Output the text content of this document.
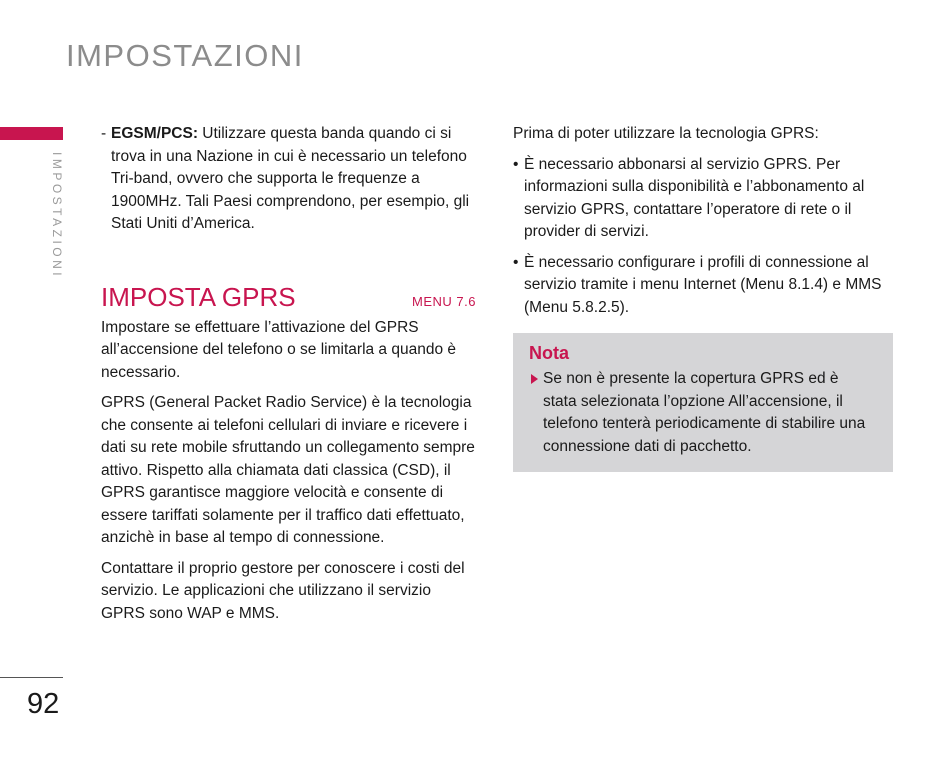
IMPOSTAZIONI
IMPOSTAZIONI

- EGSM/PCS: Utilizzare questa banda quando ci si trova in una Nazione in cui è necessario un telefono Tri-band, ovvero che supporta le frequenze a 1900MHz. Tali Paesi comprendono, per esempio, gli Stati Uniti d’America.

IMPOSTA GPRS	MENU 7.6

Impostare se effettuare l’attivazione del GPRS all’accensione del telefono o se limitarla a quando è necessario.

GPRS (General Packet Radio Service) è la tecnologia che consente ai telefoni cellulari di inviare e ricevere i dati su rete mobile sfruttando un collegamento sempre attivo. Rispetto alla chiamata dati classica (CSD), il GPRS garantisce maggiore velocità e consente di essere tariffati solamente per il traffico dati effettuato, anzichè in base al tempo di connessione.

Contattare il proprio gestore per conoscere i costi del servizio. Le applicazioni che utilizzano il servizio GPRS sono WAP e MMS.

Prima di poter utilizzare la tecnologia GPRS:

• È necessario abbonarsi al servizio GPRS. Per informazioni sulla disponibilità e l’abbonamento al servizio GPRS, contattare l’operatore di rete o il provider di servizi.

• È necessario configurare i profili di connessione al servizio tramite i menu Internet (Menu 8.1.4) e MMS (Menu 5.8.2.5).

Nota

Se non è presente la copertura GPRS ed è stata selezionata l’opzione All’accensione, il telefono tenterà periodicamente di stabilire una connessione dati di pacchetto.

92
